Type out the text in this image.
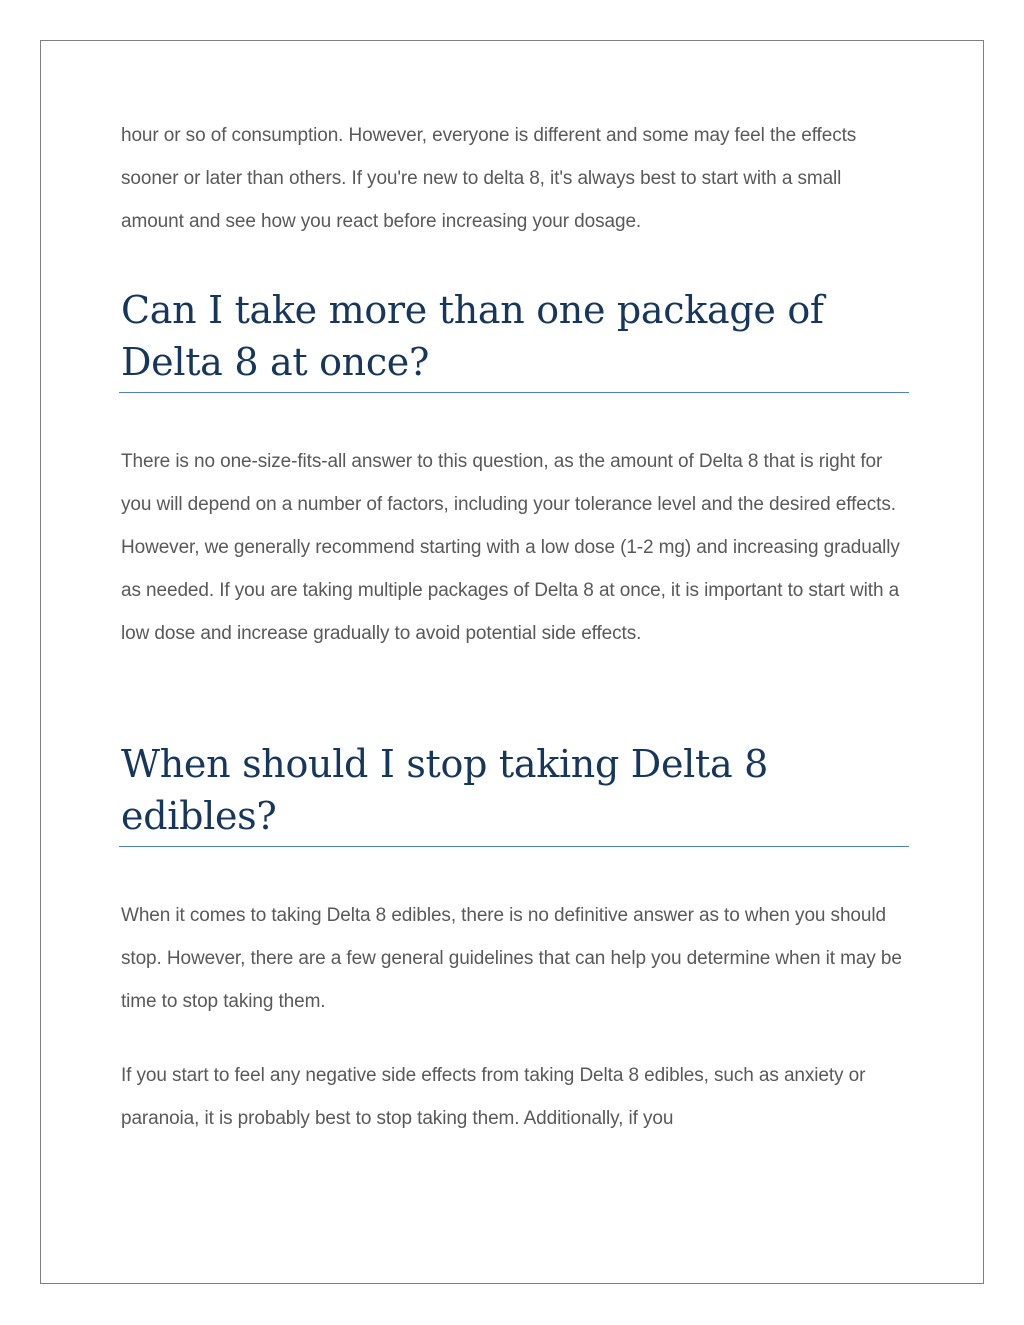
hour or so of consumption. However, everyone is different and some may feel the effects sooner or later than others. If you're new to delta 8, it's always best to start with a small amount and see how you react before increasing your dosage.

Can I take more than one package of Delta 8 at once?

There is no one-size-fits-all answer to this question, as the amount of Delta 8 that is right for you will depend on a number of factors, including your tolerance level and the desired effects. However, we generally recommend starting with a low dose (1-2 mg) and increasing gradually as needed. If you are taking multiple packages of Delta 8 at once, it is important to start with a low dose and increase gradually to avoid potential side effects.

When should I stop taking Delta 8 edibles?

When it comes to taking Delta 8 edibles, there is no definitive answer as to when you should stop. However, there are a few general guidelines that can help you determine when it may be time to stop taking them.

If you start to feel any negative side effects from taking Delta 8 edibles, such as anxiety or paranoia, it is probably best to stop taking them. Additionally, if you
